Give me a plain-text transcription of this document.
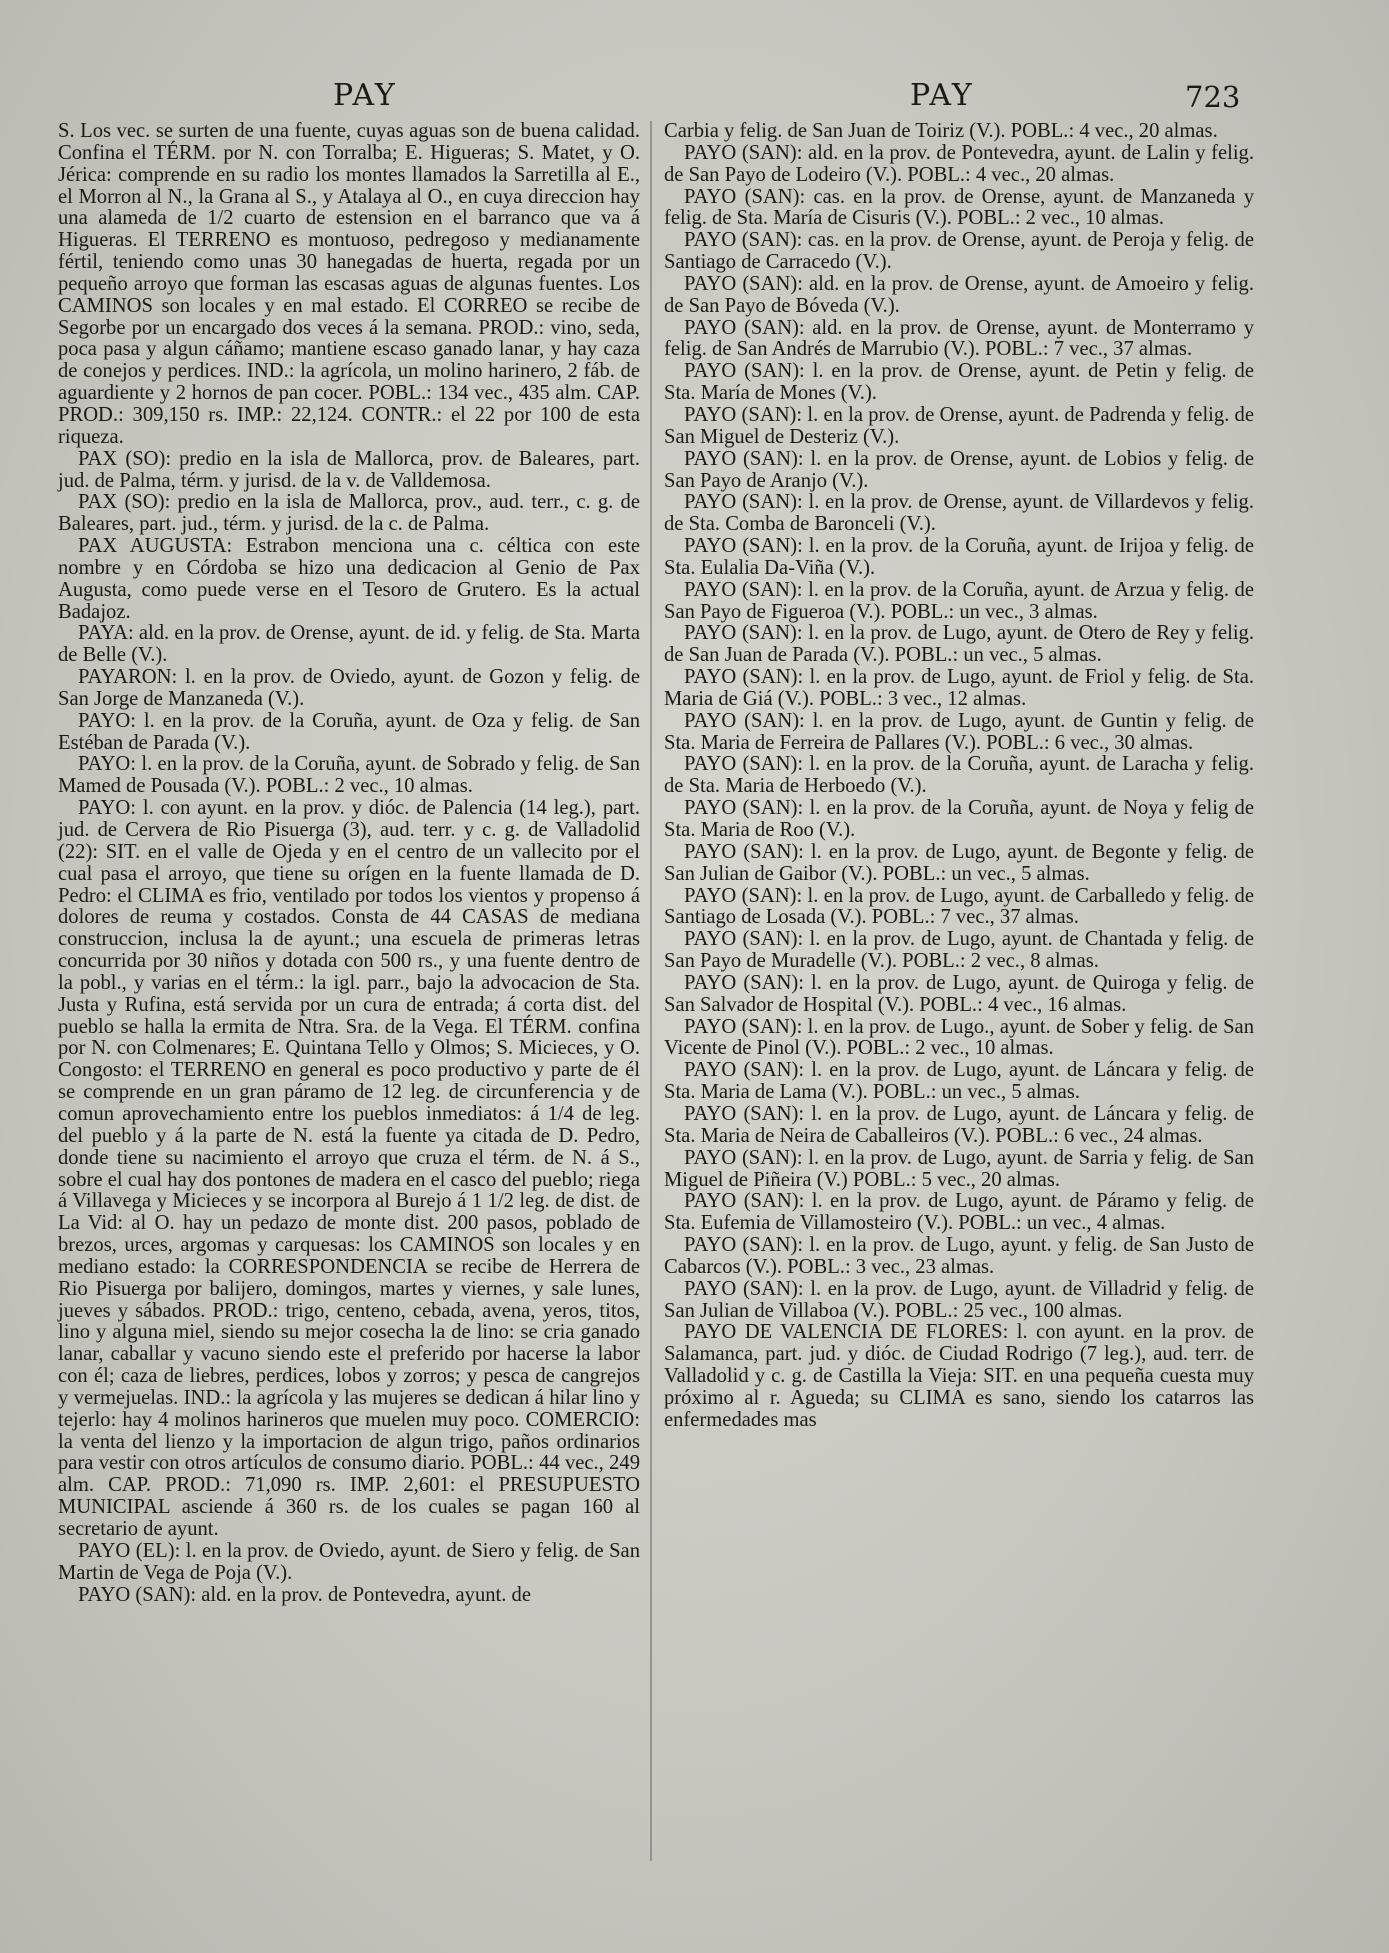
PAY	PAY	723

S. Los vec. se surten de una fuente, cuyas aguas son de buena calidad. Confina el TÉRM. por N. con Torralba; E. Higueras; S. Matet, y O. Jérica: comprende en su radio los montes llamados la Sarretilla al E., el Morron al N., la Grana al S., y Atalaya al O., en cuya direccion hay una alameda de 1/2 cuarto de estension en el barranco que va á Higueras. El TERRENO es montuoso, pedregoso y medianamente fértil, teniendo como unas 30 hanegadas de huerta, regada por un pequeño arroyo que forman las escasas aguas de algunas fuentes. Los CAMINOS son locales y en mal estado. El CORREO se recibe de Segorbe por un encargado dos veces á la semana. PROD.: vino, seda, poca pasa y algun cáñamo; mantiene escaso ganado lanar, y hay caza de conejos y perdices. IND.: la agrícola, un molino harinero, 2 fáb. de aguardiente y 2 hornos de pan cocer. POBL.: 134 vec., 435 alm. CAP. PROD.: 309,150 rs. IMP.: 22,124. CONTR.: el 22 por 100 de esta riqueza.

PAX (SO): predio en la isla de Mallorca, prov. de Baleares, part. jud. de Palma, térm. y jurisd. de la v. de Valldemosa.

PAX (SO): predio en la isla de Mallorca, prov., aud. terr., c. g. de Baleares, part. jud., térm. y jurisd. de la c. de Palma.

PAX AUGUSTA: Estrabon menciona una c. céltica con este nombre y en Córdoba se hizo una dedicacion al Genio de Pax Augusta, como puede verse en el Tesoro de Grutero. Es la actual Badajoz.

PAYA: ald. en la prov. de Orense, ayunt. de id. y felig. de Sta. Marta de Belle (V.).

PAYARON: l. en la prov. de Oviedo, ayunt. de Gozon y felig. de San Jorge de Manzaneda (V.).

PAYO: l. en la prov. de la Coruña, ayunt. de Oza y felig. de San Estéban de Parada (V.).

PAYO: l. en la prov. de la Coruña, ayunt. de Sobrado y felig. de San Mamed de Pousada (V.). POBL.: 2 vec., 10 almas.

PAYO: l. con ayunt. en la prov. y dióc. de Palencia (14 leg.), part. jud. de Cervera de Rio Pisuerga (3), aud. terr. y c. g. de Valladolid (22): SIT. en el valle de Ojeda y en el centro de un vallecito por el cual pasa el arroyo, que tiene su orígen en la fuente llamada de D. Pedro: el CLIMA es frio, ventilado por todos los vientos y propenso á dolores de reuma y costados. Consta de 44 CASAS de mediana construccion, inclusa la de ayunt.; una escuela de primeras letras concurrida por 30 niños y dotada con 500 rs., y una fuente dentro de la pobl., y varias en el térm.: la igl. parr., bajo la advocacion de Sta. Justa y Rufina, está servida por un cura de entrada; á corta dist. del pueblo se halla la ermita de Ntra. Sra. de la Vega. El TÉRM. confina por N. con Colmenares; E. Quintana Tello y Olmos; S. Micieces, y O. Congosto: el TERRENO en general es poco productivo y parte de él se comprende en un gran páramo de 12 leg. de circunferencia y de comun aprovechamiento entre los pueblos inmediatos: á 1/4 de leg. del pueblo y á la parte de N. está la fuente ya citada de D. Pedro, donde tiene su nacimiento el arroyo que cruza el térm. de N. á S., sobre el cual hay dos pontones de madera en el casco del pueblo; riega á Villavega y Micieces y se incorpora al Burejo á 1 1/2 leg. de dist. de La Vid: al O. hay un pedazo de monte dist. 200 pasos, poblado de brezos, urces, argomas y carquesas: los CAMINOS son locales y en mediano estado: la CORRESPONDENCIA se recibe de Herrera de Rio Pisuerga por balijero, domingos, martes y viernes, y sale lunes, jueves y sábados. PROD.: trigo, centeno, cebada, avena, yeros, titos, lino y alguna miel, siendo su mejor cosecha la de lino: se cria ganado lanar, caballar y vacuno siendo este el preferido por hacerse la labor con él; caza de liebres, perdices, lobos y zorros; y pesca de cangrejos y vermejuelas. IND.: la agrícola y las mujeres se dedican á hilar lino y tejerlo: hay 4 molinos harineros que muelen muy poco. COMERCIO: la venta del lienzo y la importacion de algun trigo, paños ordinarios para vestir con otros artículos de consumo diario. POBL.: 44 vec., 249 alm. CAP. PROD.: 71,090 rs. IMP. 2,601: el PRESUPUESTO MUNICIPAL asciende á 360 rs. de los cuales se pagan 160 al secretario de ayunt.

PAYO (EL): l. en la prov. de Oviedo, ayunt. de Siero y felig. de San Martin de Vega de Poja (V.).

PAYO (SAN): ald. en la prov. de Pontevedra, ayunt. de

Carbia y felig. de San Juan de Toiriz (V.). POBL.: 4 vec., 20 almas.

PAYO (SAN): ald. en la prov. de Pontevedra, ayunt. de Lalin y felig. de San Payo de Lodeiro (V.). POBL.: 4 vec., 20 almas.

PAYO (SAN): cas. en la prov. de Orense, ayunt. de Manzaneda y felig. de Sta. María de Cisuris (V.). POBL.: 2 vec., 10 almas.

PAYO (SAN): cas. en la prov. de Orense, ayunt. de Peroja y felig. de Santiago de Carracedo (V.).

PAYO (SAN): ald. en la prov. de Orense, ayunt. de Amoeiro y felig. de San Payo de Bóveda (V.).

PAYO (SAN): ald. en la prov. de Orense, ayunt. de Monterramo y felig. de San Andrés de Marrubio (V.). POBL.: 7 vec., 37 almas.

PAYO (SAN): l. en la prov. de Orense, ayunt. de Petin y felig. de Sta. María de Mones (V.).

PAYO (SAN): l. en la prov. de Orense, ayunt. de Padrenda y felig. de San Miguel de Desteriz (V.).

PAYO (SAN): l. en la prov. de Orense, ayunt. de Lobios y felig. de San Payo de Aranjo (V.).

PAYO (SAN): l. en la prov. de Orense, ayunt. de Villardevos y felig. de Sta. Comba de Baronceli (V.).

PAYO (SAN): l. en la prov. de la Coruña, ayunt. de Irijoa y felig. de Sta. Eulalia Da-Viña (V.).

PAYO (SAN): l. en la prov. de la Coruña, ayunt. de Arzua y felig. de San Payo de Figueroa (V.). POBL.: un vec., 3 almas.

PAYO (SAN): l. en la prov. de Lugo, ayunt. de Otero de Rey y felig. de San Juan de Parada (V.). POBL.: un vec., 5 almas.

PAYO (SAN): l. en la prov. de Lugo, ayunt. de Friol y felig. de Sta. Maria de Giá (V.). POBL.: 3 vec., 12 almas.

PAYO (SAN): l. en la prov. de Lugo, ayunt. de Guntin y felig. de Sta. Maria de Ferreira de Pallares (V.). POBL.: 6 vec., 30 almas.

PAYO (SAN): l. en la prov. de la Coruña, ayunt. de Laracha y felig. de Sta. Maria de Herboedo (V.).

PAYO (SAN): l. en la prov. de la Coruña, ayunt. de Noya y felig de Sta. Maria de Roo (V.).

PAYO (SAN): l. en la prov. de Lugo, ayunt. de Begonte y felig. de San Julian de Gaibor (V.). POBL.: un vec., 5 almas.

PAYO (SAN): l. en la prov. de Lugo, ayunt. de Carballedo y felig. de Santiago de Losada (V.). POBL.: 7 vec., 37 almas.

PAYO (SAN): l. en la prov. de Lugo, ayunt. de Chantada y felig. de San Payo de Muradelle (V.). POBL.: 2 vec., 8 almas.

PAYO (SAN): l. en la prov. de Lugo, ayunt. de Quiroga y felig. de San Salvador de Hospital (V.). POBL.: 4 vec., 16 almas.

PAYO (SAN): l. en la prov. de Lugo., ayunt. de Sober y felig. de San Vicente de Pinol (V.). POBL.: 2 vec., 10 almas.

PAYO (SAN): l. en la prov. de Lugo, ayunt. de Láncara y felig. de Sta. Maria de Lama (V.). POBL.: un vec., 5 almas.

PAYO (SAN): l. en la prov. de Lugo, ayunt. de Láncara y felig. de Sta. Maria de Neira de Caballeiros (V.). POBL.: 6 vec., 24 almas.

PAYO (SAN): l. en la prov. de Lugo, ayunt. de Sarria y felig. de San Miguel de Piñeira (V.) POBL.: 5 vec., 20 almas.

PAYO (SAN): l. en la prov. de Lugo, ayunt. de Páramo y felig. de Sta. Eufemia de Villamosteiro (V.). POBL.: un vec., 4 almas.

PAYO (SAN): l. en la prov. de Lugo, ayunt. y felig. de San Justo de Cabarcos (V.). POBL.: 3 vec., 23 almas.

PAYO (SAN): l. en la prov. de Lugo, ayunt. de Villadrid y felig. de San Julian de Villaboa (V.). POBL.: 25 vec., 100 almas.

PAYO DE VALENCIA DE FLORES: l. con ayunt. en la prov. de Salamanca, part. jud. y dióc. de Ciudad Rodrigo (7 leg.), aud. terr. de Valladolid y c. g. de Castilla la Vieja: SIT. en una pequeña cuesta muy próximo al r. Agueda; su CLIMA es sano, siendo los catarros las enfermedades mas
